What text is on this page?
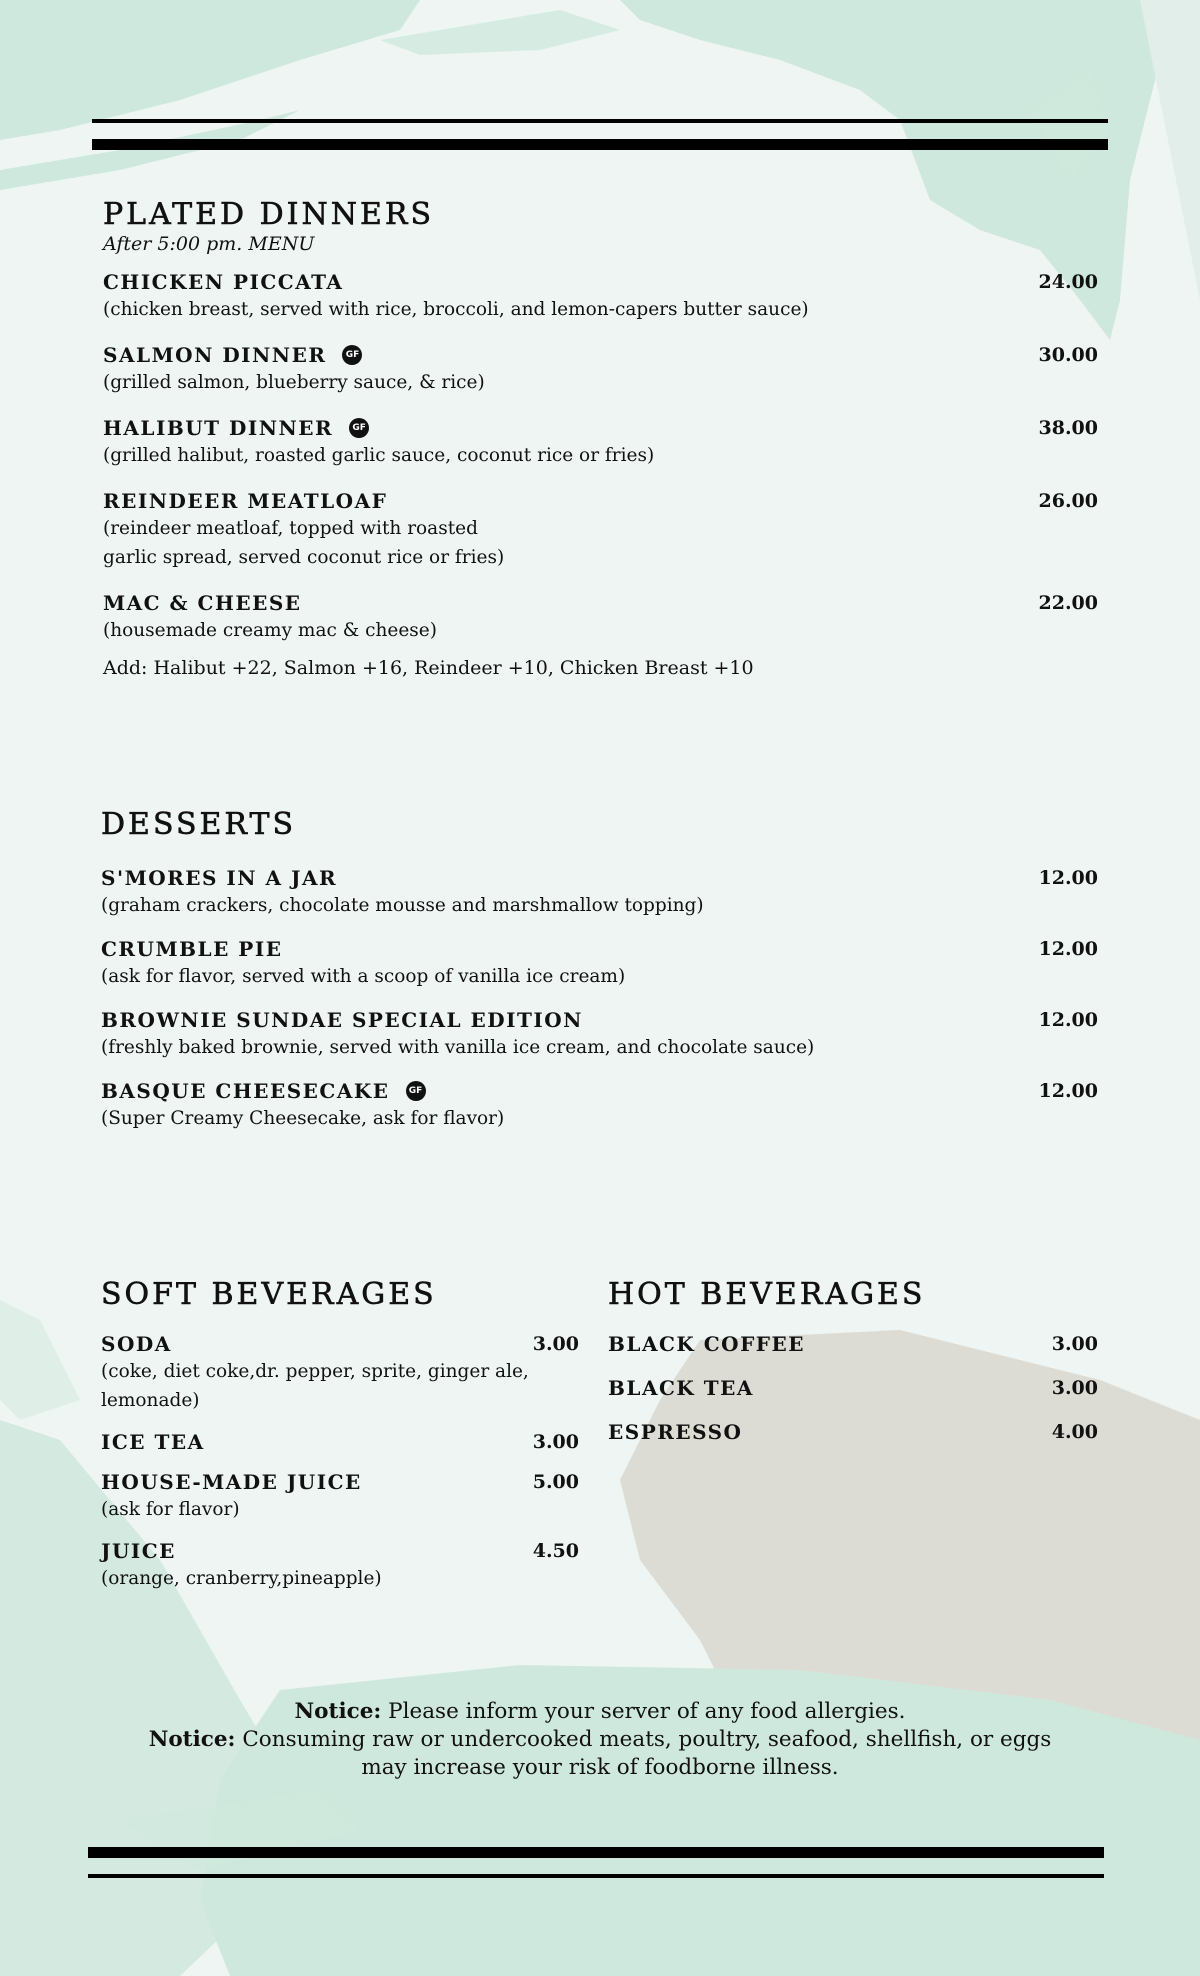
PLATED DINNERS
After 5:00 pm. MENU
CHICKEN PICCATA	24.00
(chicken breast, served with rice, broccoli, and lemon-capers butter sauce)
SALMON DINNER	GF	30.00
(grilled salmon, blueberry sauce, & rice)
HALIBUT DINNER	GF	38.00
(grilled halibut, roasted garlic sauce, coconut rice or fries)
REINDEER MEATLOAF	26.00
(reindeer meatloaf, topped with roasted
garlic spread, served coconut rice or fries)
MAC & CHEESE	22.00
(housemade creamy mac & cheese)
Add: Halibut +22, Salmon +16, Reindeer +10, Chicken Breast +10
DESSERTS
S'MORES IN A JAR	12.00
(graham crackers, chocolate mousse and marshmallow topping)
CRUMBLE PIE	12.00
(ask for flavor, served with a scoop of vanilla ice cream)
BROWNIE SUNDAE SPECIAL EDITION	12.00
(freshly baked brownie, served with vanilla ice cream, and chocolate sauce)
BASQUE CHEESECAKE	GF	12.00
(Super Creamy Cheesecake, ask for flavor)
SOFT BEVERAGES
SODA	3.00
(coke, diet coke,dr. pepper, sprite, ginger ale,
lemonade)
ICE TEA	3.00
HOUSE-MADE JUICE	5.00
(ask for flavor)
JUICE	4.50
(orange, cranberry,pineapple)
HOT BEVERAGES
BLACK COFFEE	3.00
BLACK TEA	3.00
ESPRESSO	4.00
Notice: Please inform your server of any food allergies.
Notice: Consuming raw or undercooked meats, poultry, seafood, shellfish, or eggs
may increase your risk of foodborne illness.
